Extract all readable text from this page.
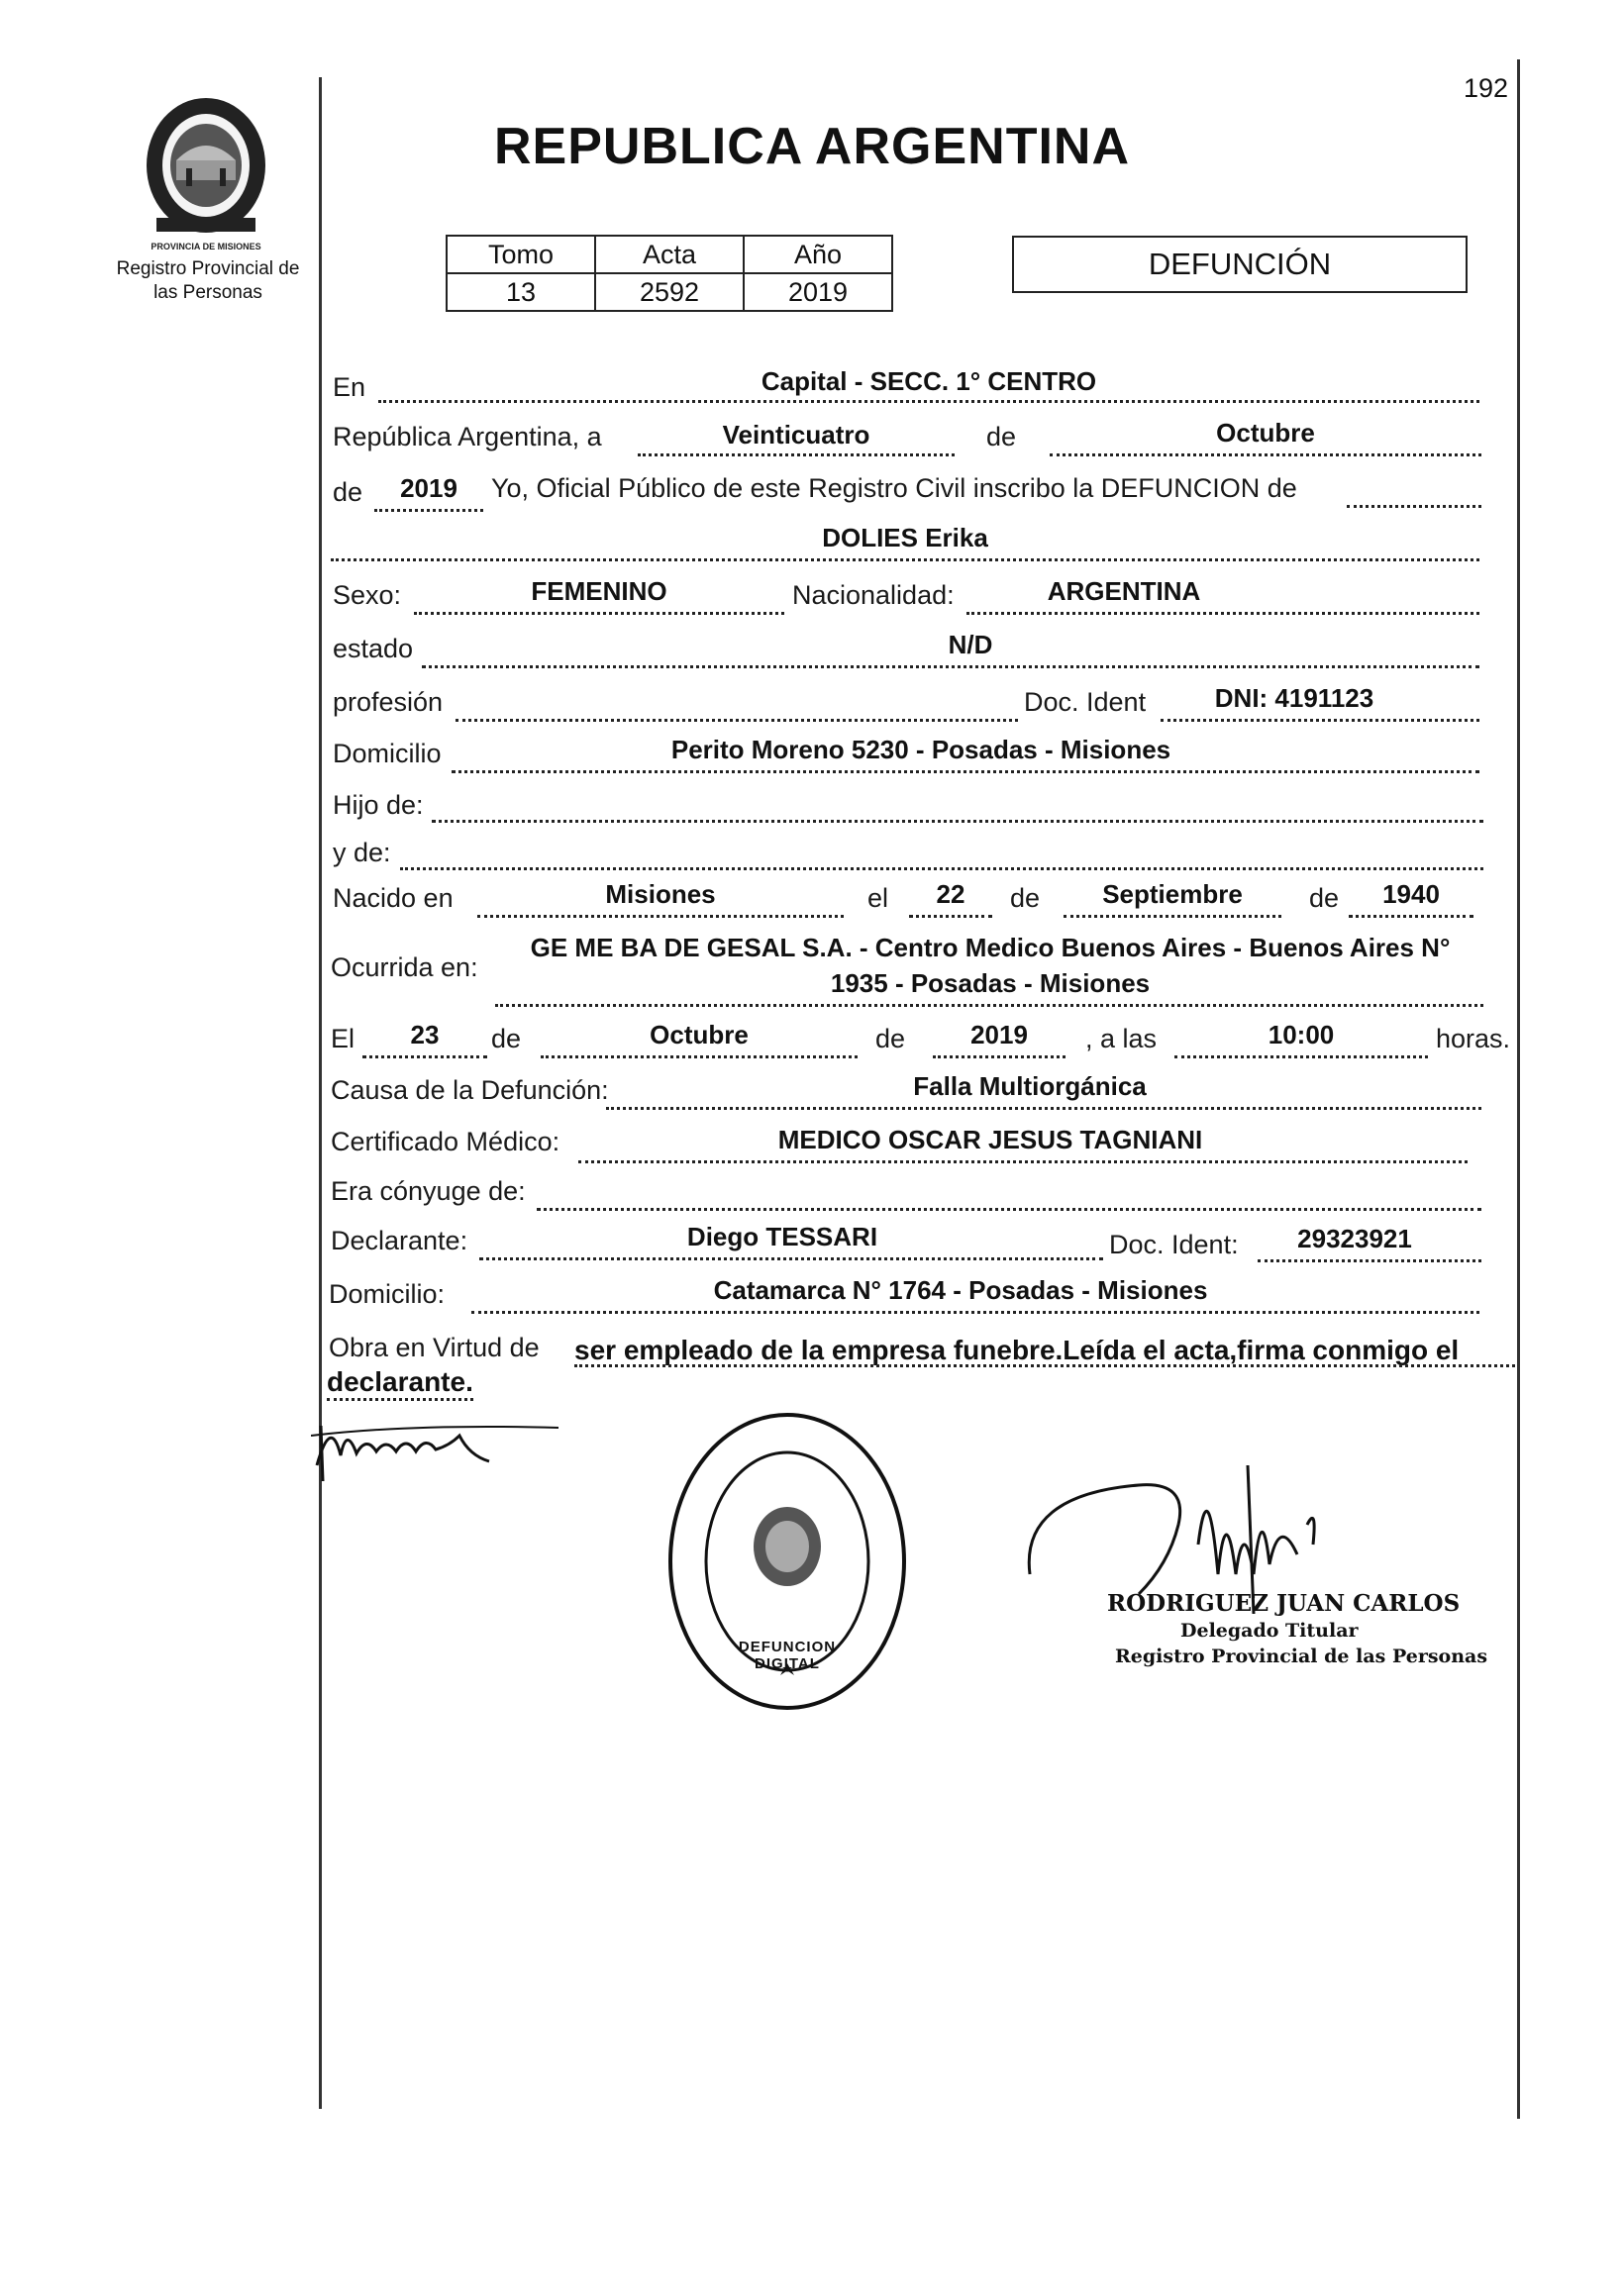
Registro Provincial de
las Personas
192
REPUBLICA ARGENTINA
Tomo	Acta	Año
13	2592	2019
DEFUNCIÓN
En	Capital - SECC. 1° CENTRO
República Argentina, a	Veinticuatro	de	Octubre
de	2019	Yo, Oficial Público de este Registro Civil inscribo la DEFUNCION de
DOLIES Erika
Sexo:	FEMENINO	Nacionalidad:	ARGENTINA
estado	N/D
profesión	Doc. Ident	DNI: 4191123
Domicilio	Perito Moreno 5230 - Posadas - Misiones
Hijo de:
y de:
Nacido en	Misiones	el	22	de	Septiembre	de	1940
Ocurrida en:
GE ME BA DE GESAL S.A. - Centro Medico Buenos Aires - Buenos Aires N°
1935 - Posadas - Misiones
El	23	de	Octubre	de	2019	, a las	10:00	horas.
Causa de la Defunción:	Falla Multiorgánica
Certificado Médico:	MEDICO OSCAR JESUS TAGNIANI
Era cónyuge de:
Declarante:	Diego TESSARI	Doc. Ident:	29323921
Domicilio:	Catamarca N° 1764 - Posadas - Misiones
Obra en Virtud de ser empleado de la empresa funebre.Leída el acta,firma conmigo el
declarante.
DEFUNCION DIGITAL
RODRIGUEZ JUAN CARLOS
Delegado Titular
Registro Provincial de las Personas
PROVINCIA DE MISIONES
